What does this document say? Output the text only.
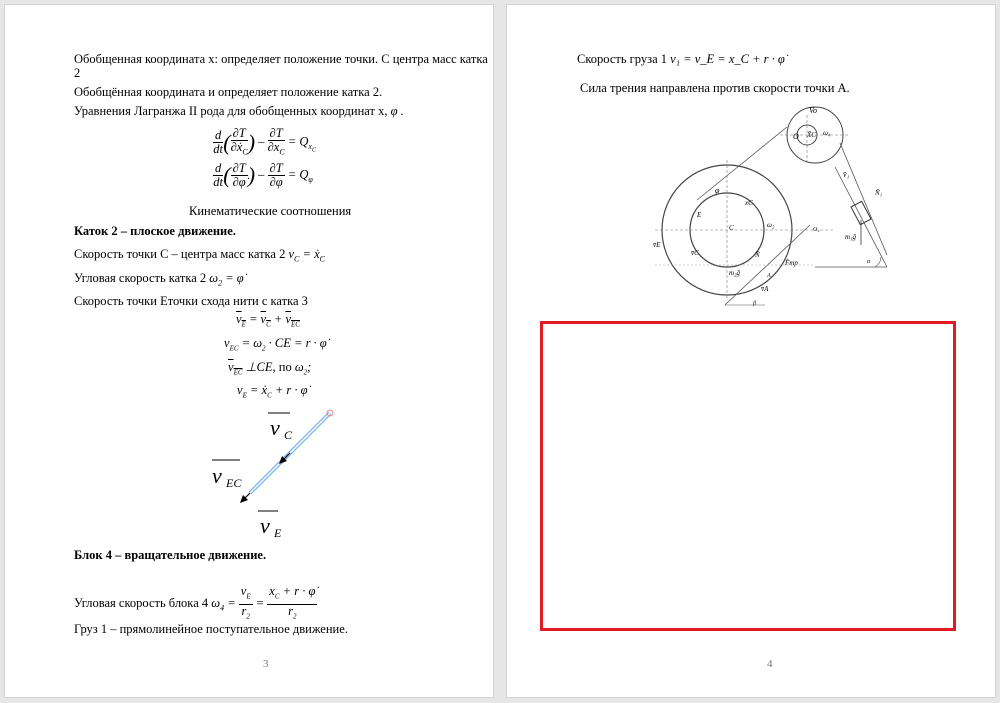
Обобщенная координата x: определяет положение точки. С центра масс катка
2
Обобщённая координата и определяет положение катка 2.
Уравнения Лагранжа II рода для обобщенных координат x, φ .
$\frac{d}{dt}$ ( $\frac{\partial T}{\partial ẋ_C}$ ) – $\frac{\partial T}{\partial x_C} = Q_{x_C}$
$\frac{d}{dt}$ ( $\frac{\partial T}{\partial\varphi̇}$ ) – $\frac{\partial T}{\partial\varphi} = Q_\varphi$
Кинематические соотношения
Каток 2 – плоское движение.
Скорость точки С – центра масс катка 2 $v_C$ = ẋ$_C$
Угловая скорость катка 2 $\omega_2$ = φ̇
Скорость точки Еточки схода нити с катка 3
$v_E = v_C + v_{EC}$
$v_{EC} = \omega_2$ · CE = r · φ̇
$v_{EC}$ ⊥CE, по $\omega_2$;
$v_E$ = ẋ$_C$ + r · φ̇
v C
v EC
v E
Блок 4 – вращательное движение.
Угловая скорость блока 4 $\omega_4 = \frac{v_E}{r_2} = \frac{x_C + r \cdot \varphi̇}{r_2}$
Груз 1 – прямолинейное поступательное движение.
3
Скорость груза 1 v₁ = v_E = x_C + r · φ̇
Сила трения направлена против скорости точки А.
V̄o
O X̄C ω₄
α
v̄₁
N̄₁
m₁ḡ
φ
xC
E
ω₂
C
v̄E
v̄C	N̄
m₂ḡ
F̄тр
A
v̄A
β
O₂
4
